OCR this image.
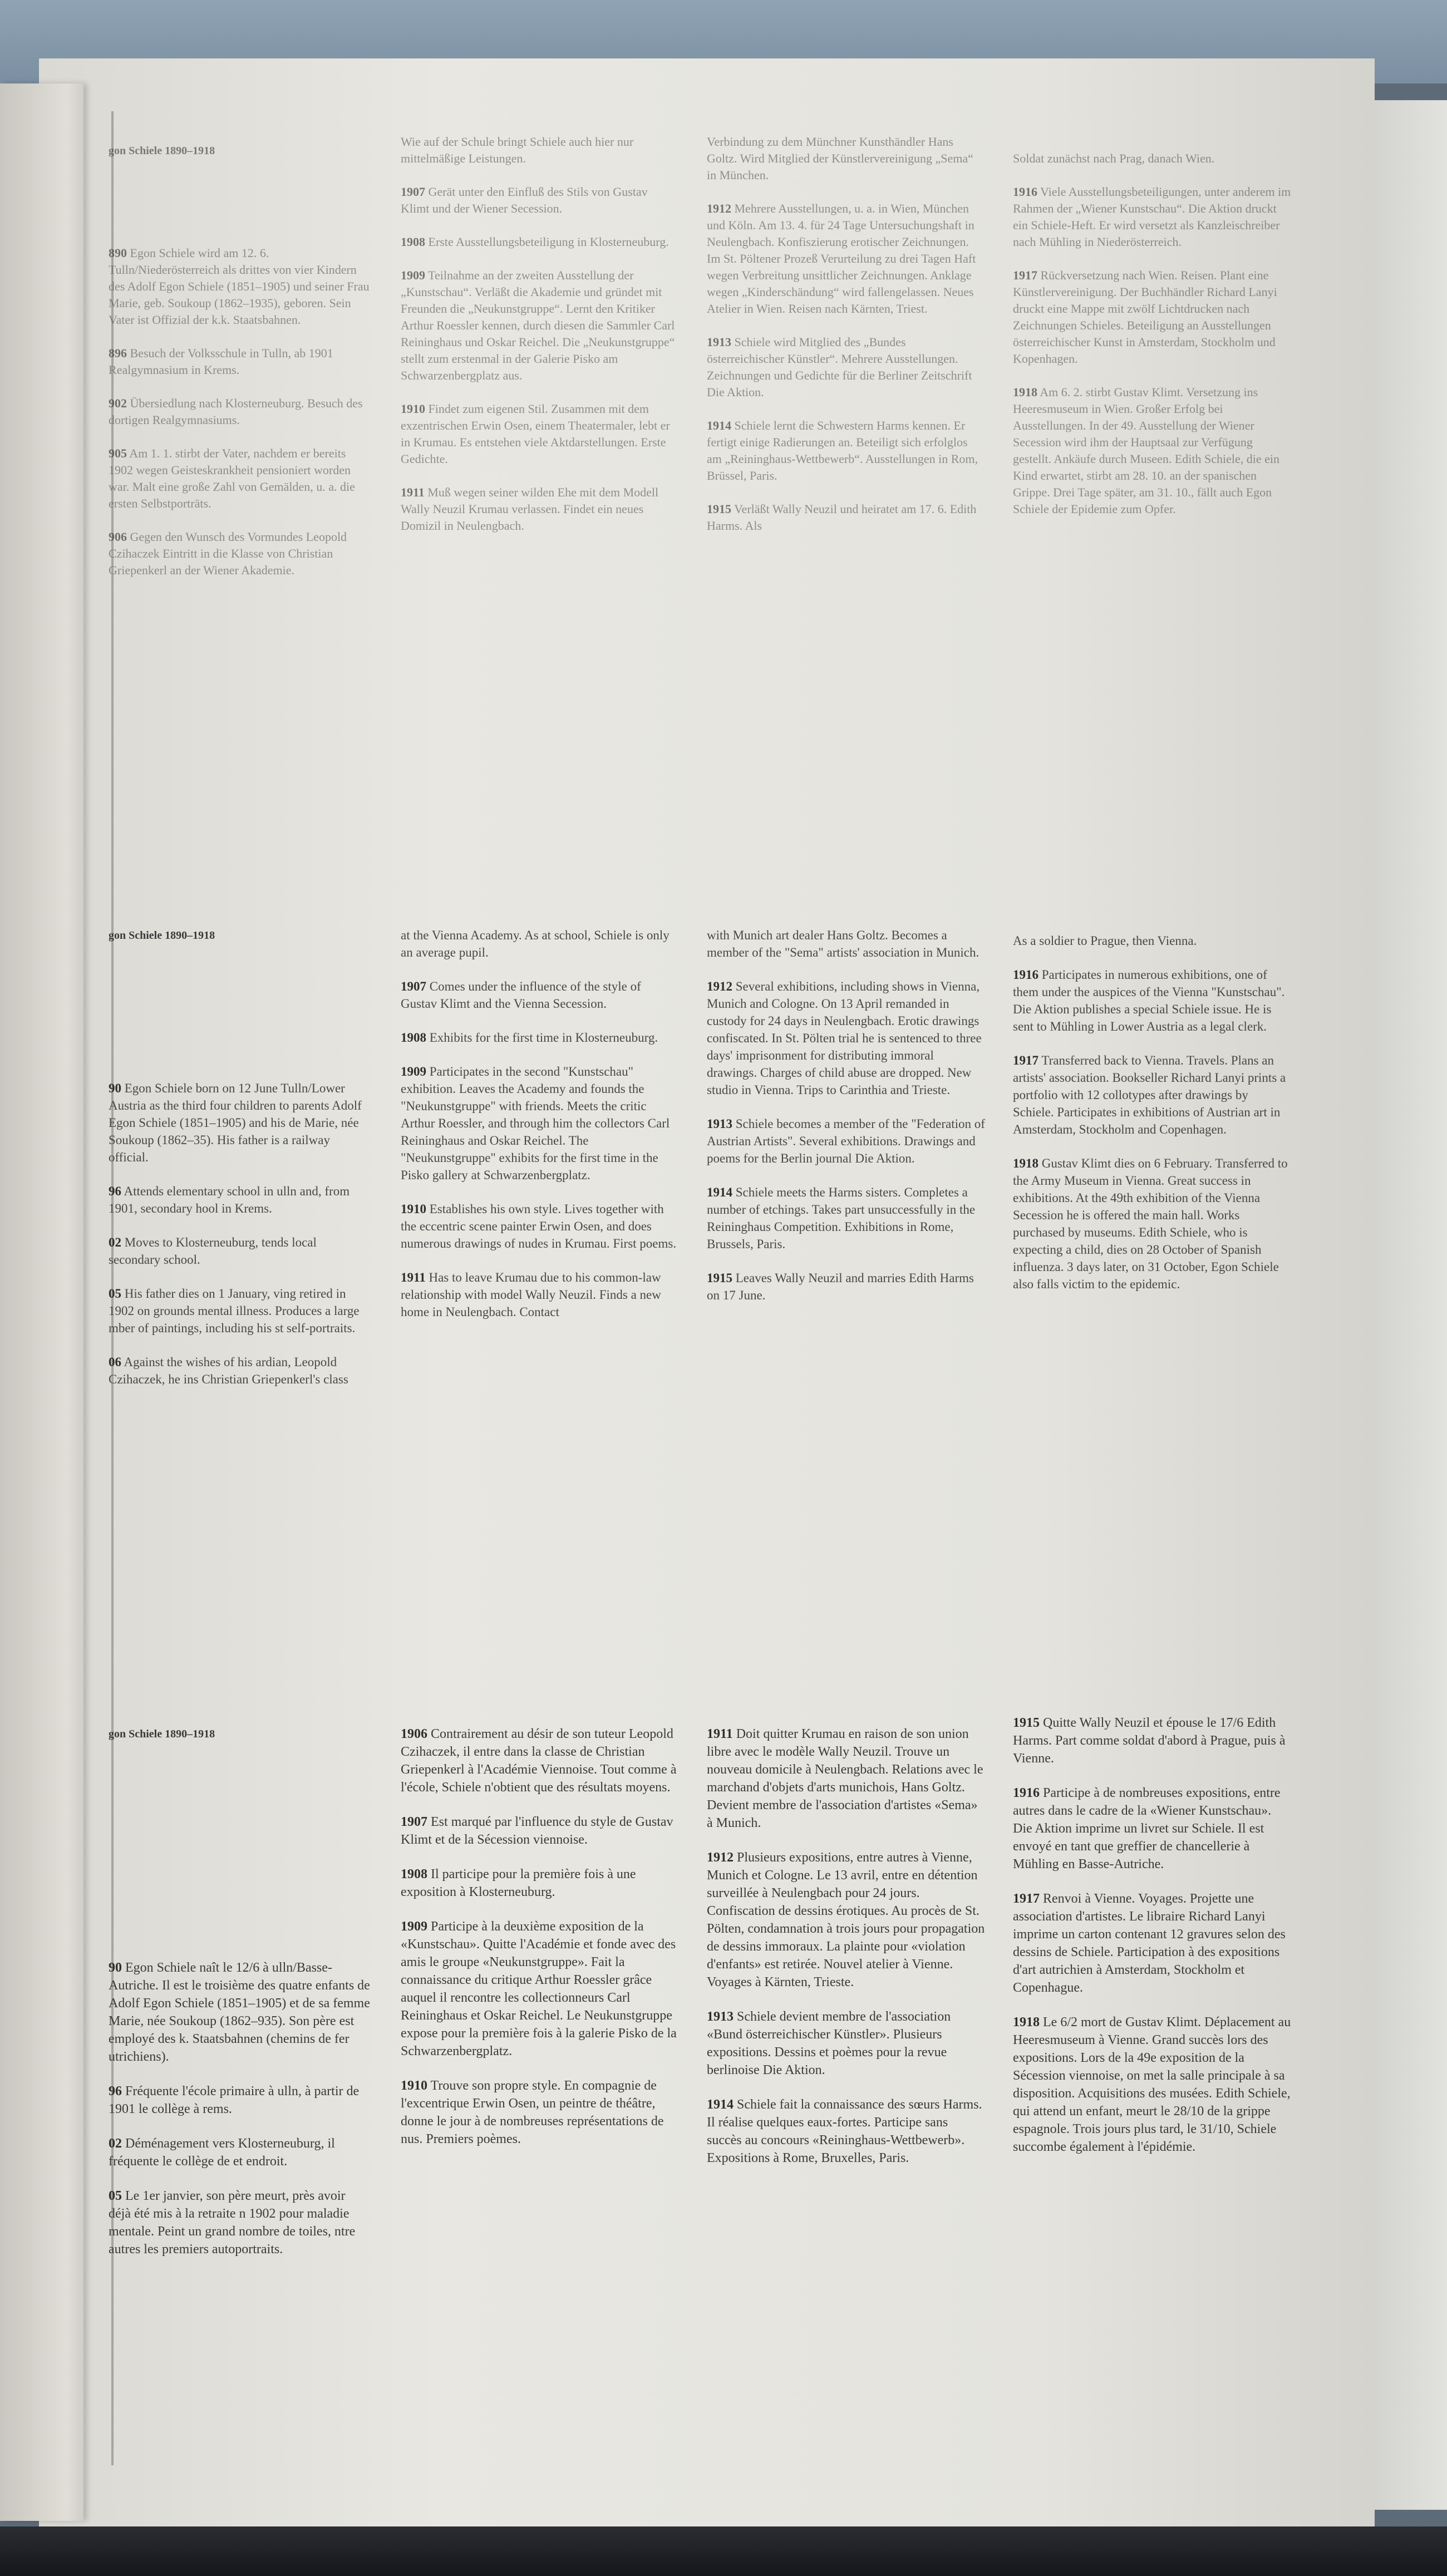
gon Schiele 1890–1918

890 Egon Schiele wird am 12. 6. Tulln/Niederösterreich als drittes von vier Kindern des Adolf Egon Schiele (1851–1905) und seiner Frau Marie, geb. Soukoup (1862–1935), geboren. Sein Vater ist Offizial der k.k. Staatsbahnen.

896 Besuch der Volksschule in Tulln, ab 1901 Realgymnasium in Krems.

902 Übersiedlung nach Klosterneuburg. Besuch des dortigen Realgymnasiums.

905 Am 1. 1. stirbt der Vater, nachdem er bereits 1902 wegen Geisteskrankheit pensioniert worden war. Malt eine große Zahl von Gemälden, u. a. die ersten Selbstporträts.

906 Gegen den Wunsch des Vormundes Leopold Czihaczek Eintritt in die Klasse von Christian Griepenkerl an der Wiener Akademie.

Wie auf der Schule bringt Schiele auch hier nur mittelmäßige Leistungen.

1907 Gerät unter den Einfluß des Stils von Gustav Klimt und der Wiener Secession.

1908 Erste Ausstellungsbeteiligung in Klosterneuburg.

1909 Teilnahme an der zweiten Ausstellung der „Kunstschau“. Verläßt die Akademie und gründet mit Freunden die „Neukunstgruppe“. Lernt den Kritiker Arthur Roessler kennen, durch diesen die Sammler Carl Reininghaus und Oskar Reichel. Die „Neukunstgruppe“ stellt zum erstenmal in der Galerie Pisko am Schwarzenbergplatz aus.

1910 Findet zum eigenen Stil. Zusammen mit dem exzentrischen Erwin Osen, einem Theatermaler, lebt er in Krumau. Es entstehen viele Aktdarstellungen. Erste Gedichte.

1911 Muß wegen seiner wilden Ehe mit dem Modell Wally Neuzil Krumau verlassen. Findet ein neues Domizil in Neulengbach.

Verbindung zu dem Münchner Kunsthändler Hans Goltz. Wird Mitglied der Künstlervereinigung „Sema“ in München.

1912 Mehrere Ausstellungen, u. a. in Wien, München und Köln. Am 13. 4. für 24 Tage Untersuchungshaft in Neulengbach. Konfiszierung erotischer Zeichnungen. Im St. Pöltener Prozeß Verurteilung zu drei Tagen Haft wegen Verbreitung unsittlicher Zeichnungen. Anklage wegen „Kinderschändung“ wird fallengelassen. Neues Atelier in Wien. Reisen nach Kärnten, Triest.

1913 Schiele wird Mitglied des „Bundes österreichischer Künstler“. Mehrere Ausstellungen. Zeichnungen und Gedichte für die Berliner Zeitschrift Die Aktion.

1914 Schiele lernt die Schwestern Harms kennen. Er fertigt einige Radierungen an. Beteiligt sich erfolglos am „Reininghaus-Wettbewerb“. Ausstellungen in Rom, Brüssel, Paris.

1915 Verläßt Wally Neuzil und heiratet am 17. 6. Edith Harms. Als

Soldat zunächst nach Prag, danach Wien.

1916 Viele Ausstellungsbeteiligungen, unter anderem im Rahmen der „Wiener Kunstschau“. Die Aktion druckt ein Schiele-Heft. Er wird versetzt als Kanzleischreiber nach Mühling in Niederösterreich.

1917 Rückversetzung nach Wien. Reisen. Plant eine Künstlervereinigung. Der Buchhändler Richard Lanyi druckt eine Mappe mit zwölf Lichtdrucken nach Zeichnungen Schieles. Beteiligung an Ausstellungen österreichischer Kunst in Amsterdam, Stockholm und Kopenhagen.

1918 Am 6. 2. stirbt Gustav Klimt. Versetzung ins Heeresmuseum in Wien. Großer Erfolg bei Ausstellungen. In der 49. Ausstellung der Wiener Secession wird ihm der Hauptsaal zur Verfügung gestellt. Ankäufe durch Museen. Edith Schiele, die ein Kind erwartet, stirbt am 28. 10. an der spanischen Grippe. Drei Tage später, am 31. 10., fällt auch Egon Schiele der Epidemie zum Opfer.

gon Schiele 1890–1918

90 Egon Schiele born on 12 June Tulln/Lower Austria as the third four children to parents Adolf Egon Schiele (1851–1905) and his de Marie, née Soukoup (1862–35). His father is a railway official.

96 Attends elementary school in ulln and, from 1901, secondary hool in Krems.

02 Moves to Klosterneuburg, tends local secondary school.

05 His father dies on 1 January, ving retired in 1902 on grounds mental illness. Produces a large mber of paintings, including his st self-portraits.

06 Against the wishes of his ardian, Leopold Czihaczek, he ins Christian Griepenkerl's class

at the Vienna Academy. As at school, Schiele is only an average pupil.

1907 Comes under the influence of the style of Gustav Klimt and the Vienna Secession.

1908 Exhibits for the first time in Klosterneuburg.

1909 Participates in the second "Kunstschau" exhibition. Leaves the Academy and founds the "Neukunstgruppe" with friends. Meets the critic Arthur Roessler, and through him the collectors Carl Reininghaus and Oskar Reichel. The "Neukunstgruppe" exhibits for the first time in the Pisko gallery at Schwarzenbergplatz.

1910 Establishes his own style. Lives together with the eccentric scene painter Erwin Osen, and does numerous drawings of nudes in Krumau. First poems.

1911 Has to leave Krumau due to his common-law relationship with model Wally Neuzil. Finds a new home in Neulengbach. Contact

with Munich art dealer Hans Goltz. Becomes a member of the "Sema" artists' association in Munich.

1912 Several exhibitions, including shows in Vienna, Munich and Cologne. On 13 April remanded in custody for 24 days in Neulengbach. Erotic drawings confiscated. In St. Pölten trial he is sentenced to three days' imprisonment for distributing immoral drawings. Charges of child abuse are dropped. New studio in Vienna. Trips to Carinthia and Trieste.

1913 Schiele becomes a member of the "Federation of Austrian Artists". Several exhibitions. Drawings and poems for the Berlin journal Die Aktion.

1914 Schiele meets the Harms sisters. Completes a number of etchings. Takes part unsuccessfully in the Reininghaus Competition. Exhibitions in Rome, Brussels, Paris.

1915 Leaves Wally Neuzil and marries Edith Harms on 17 June.

As a soldier to Prague, then Vienna.

1916 Participates in numerous exhibitions, one of them under the auspices of the Vienna "Kunstschau". Die Aktion publishes a special Schiele issue. He is sent to Mühling in Lower Austria as a legal clerk.

1917 Transferred back to Vienna. Travels. Plans an artists' association. Bookseller Richard Lanyi prints a portfolio with 12 collotypes after drawings by Schiele. Participates in exhibitions of Austrian art in Amsterdam, Stockholm and Copenhagen.

1918 Gustav Klimt dies on 6 February. Transferred to the Army Museum in Vienna. Great success in exhibitions. At the 49th exhibition of the Vienna Secession he is offered the main hall. Works purchased by museums. Edith Schiele, who is expecting a child, dies on 28 October of Spanish influenza. 3 days later, on 31 October, Egon Schiele also falls victim to the epidemic.

gon Schiele 1890–1918

90 Egon Schiele naît le 12/6 à ulln/Basse-Autriche. Il est le troisième des quatre enfants de Adolf Egon Schiele (1851–1905) et de sa femme Marie, née Soukoup (1862–935). Son père est employé des k. Staatsbahnen (chemins de fer utrichiens).

96 Fréquente l'école primaire à ulln, à partir de 1901 le collège à rems.

02 Déménagement vers Klosterneuburg, il fréquente le collège de et endroit.

05 Le 1er janvier, son père meurt, près avoir déjà été mis à la retraite n 1902 pour maladie mentale. Peint un grand nombre de toiles, ntre autres les premiers autoportraits.

1906 Contrairement au désir de son tuteur Leopold Czihaczek, il entre dans la classe de Christian Griepenkerl à l'Académie Viennoise. Tout comme à l'école, Schiele n'obtient que des résultats moyens.

1907 Est marqué par l'influence du style de Gustav Klimt et de la Sécession viennoise.

1908 Il participe pour la première fois à une exposition à Klosterneuburg.

1909 Participe à la deuxième exposition de la «Kunstschau». Quitte l'Académie et fonde avec des amis le groupe «Neukunstgruppe». Fait la connaissance du critique Arthur Roessler grâce auquel il rencontre les collectionneurs Carl Reininghaus et Oskar Reichel. Le Neukunstgruppe expose pour la première fois à la galerie Pisko de la Schwarzenbergplatz.

1910 Trouve son propre style. En compagnie de l'excentrique Erwin Osen, un peintre de théâtre, donne le jour à de nombreuses représentations de nus. Premiers poèmes.

1911 Doit quitter Krumau en raison de son union libre avec le modèle Wally Neuzil. Trouve un nouveau domicile à Neulengbach. Relations avec le marchand d'objets d'arts munichois, Hans Goltz. Devient membre de l'association d'artistes «Sema» à Munich.

1912 Plusieurs expositions, entre autres à Vienne, Munich et Cologne. Le 13 avril, entre en détention surveillée à Neulengbach pour 24 jours. Confiscation de dessins érotiques. Au procès de St. Pölten, condamnation à trois jours pour propagation de dessins immoraux. La plainte pour «violation d'enfants» est retirée. Nouvel atelier à Vienne. Voyages à Kärnten, Trieste.

1913 Schiele devient membre de l'association «Bund österreichischer Künstler». Plusieurs expositions. Dessins et poèmes pour la revue berlinoise Die Aktion.

1914 Schiele fait la connaissance des sœurs Harms. Il réalise quelques eaux-fortes. Participe sans succès au concours «Reininghaus-Wettbewerb». Expositions à Rome, Bruxelles, Paris.

1915 Quitte Wally Neuzil et épouse le 17/6 Edith Harms. Part comme soldat d'abord à Prague, puis à Vienne.

1916 Participe à de nombreuses expositions, entre autres dans le cadre de la «Wiener Kunstschau». Die Aktion imprime un livret sur Schiele. Il est envoyé en tant que greffier de chancellerie à Mühling en Basse-Autriche.

1917 Renvoi à Vienne. Voyages. Projette une association d'artistes. Le libraire Richard Lanyi imprime un carton contenant 12 gravures selon des dessins de Schiele. Participation à des expositions d'art autrichien à Amsterdam, Stockholm et Copenhague.

1918 Le 6/2 mort de Gustav Klimt. Déplacement au Heeresmuseum à Vienne. Grand succès lors des expositions. Lors de la 49e exposition de la Sécession viennoise, on met la salle principale à sa disposition. Acquisitions des musées. Edith Schiele, qui attend un enfant, meurt le 28/10 de la grippe espagnole. Trois jours plus tard, le 31/10, Schiele succombe également à l'épidémie.
